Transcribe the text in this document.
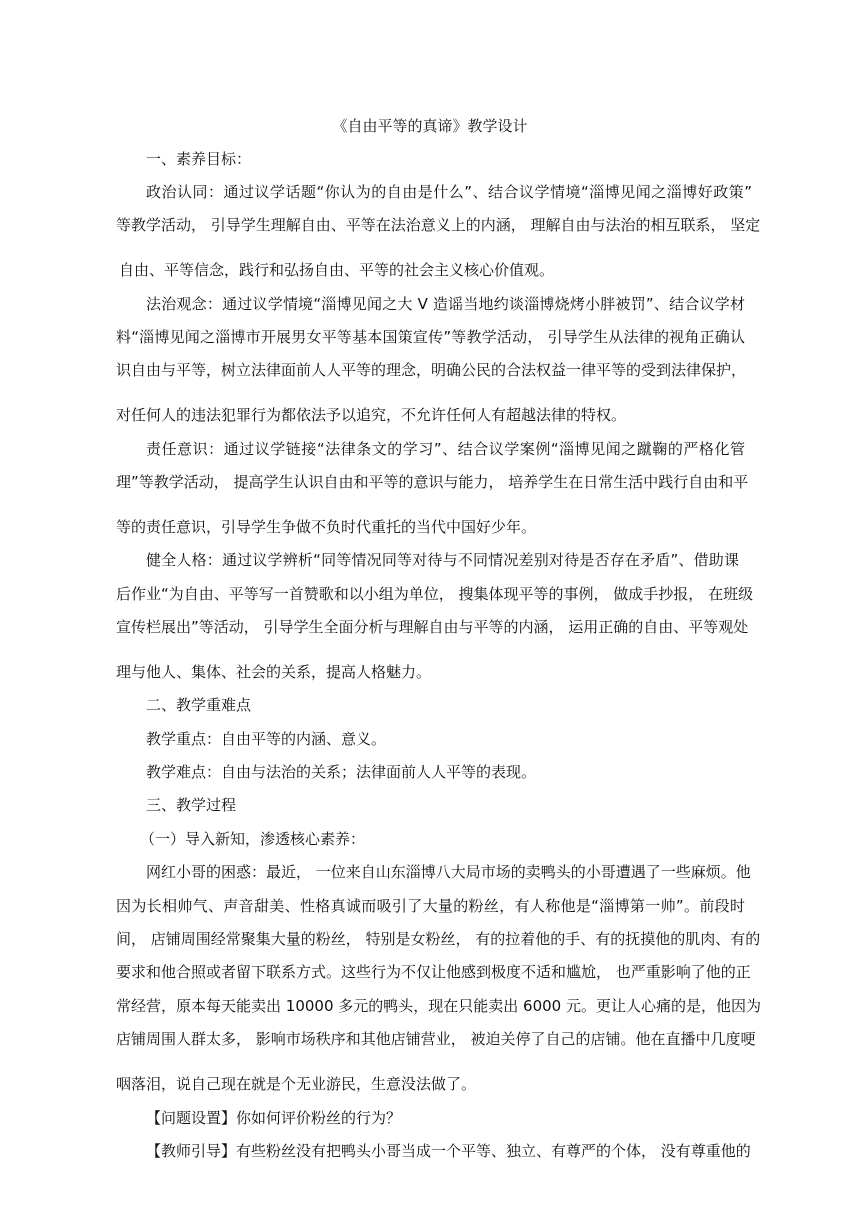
《自由平等的真谛》教学设计
一、素养目标：
政治认同：通过议学话题“你认为的自由是什么”、结合议学情境“淄博见闻之淄博好政策”
等教学活动， 引导学生理解自由、平等在法治意义上的内涵， 理解自由与法治的相互联系， 坚定
自由、平等信念，践行和弘扬自由、平等的社会主义核心价值观。
法治观念：通过议学情境“淄博见闻之大 V 造谣当地约谈淄博烧烤小胖被罚”、结合议学材
料“淄博见闻之淄博市开展男女平等基本国策宣传”等教学活动， 引导学生从法律的视角正确认
识自由与平等，树立法律面前人人平等的理念，明确公民的合法权益一律平等的受到法律保护，
对任何人的违法犯罪行为都依法予以追究，不允许任何人有超越法律的特权。
责任意识：通过议学链接“法律条文的学习”、结合议学案例“淄博见闻之蹴鞠的严格化管
理”等教学活动， 提高学生认识自由和平等的意识与能力， 培养学生在日常生活中践行自由和平
等的责任意识，引导学生争做不负时代重托的当代中国好少年。
健全人格：通过议学辨析“同等情况同等对待与不同情况差别对待是否存在矛盾”、借助课
后作业“为自由、平等写一首赞歌和以小组为单位， 搜集体现平等的事例， 做成手抄报， 在班级
宣传栏展出”等活动， 引导学生全面分析与理解自由与平等的内涵， 运用正确的自由、平等观处
理与他人、集体、社会的关系，提高人格魅力。
二、教学重难点
教学重点：自由平等的内涵、意义。
教学难点：自由与法治的关系；法律面前人人平等的表现。
三、教学过程
（一）导入新知，渗透核心素养：
网红小哥的困惑：最近， 一位来自山东淄博八大局市场的卖鸭头的小哥遭遇了一些麻烦。他
因为长相帅气、声音甜美、性格真诚而吸引了大量的粉丝，有人称他是“淄博第一帅”。前段时
间， 店铺周围经常聚集大量的粉丝， 特别是女粉丝， 有的拉着他的手、有的抚摸他的肌肉、有的
要求和他合照或者留下联系方式。这些行为不仅让他感到极度不适和尴尬， 也严重影响了他的正
常经营，原本每天能卖出 10000 多元的鸭头，现在只能卖出 6000 元。更让人心痛的是，他因为
店铺周围人群太多， 影响市场秩序和其他店铺营业， 被迫关停了自己的店铺。他在直播中几度哽
咽落泪，说自己现在就是个无业游民，生意没法做了。
【问题设置】你如何评价粉丝的行为？
【教师引导】有些粉丝没有把鸭头小哥当成一个平等、独立、有尊严的个体， 没有尊重他的
